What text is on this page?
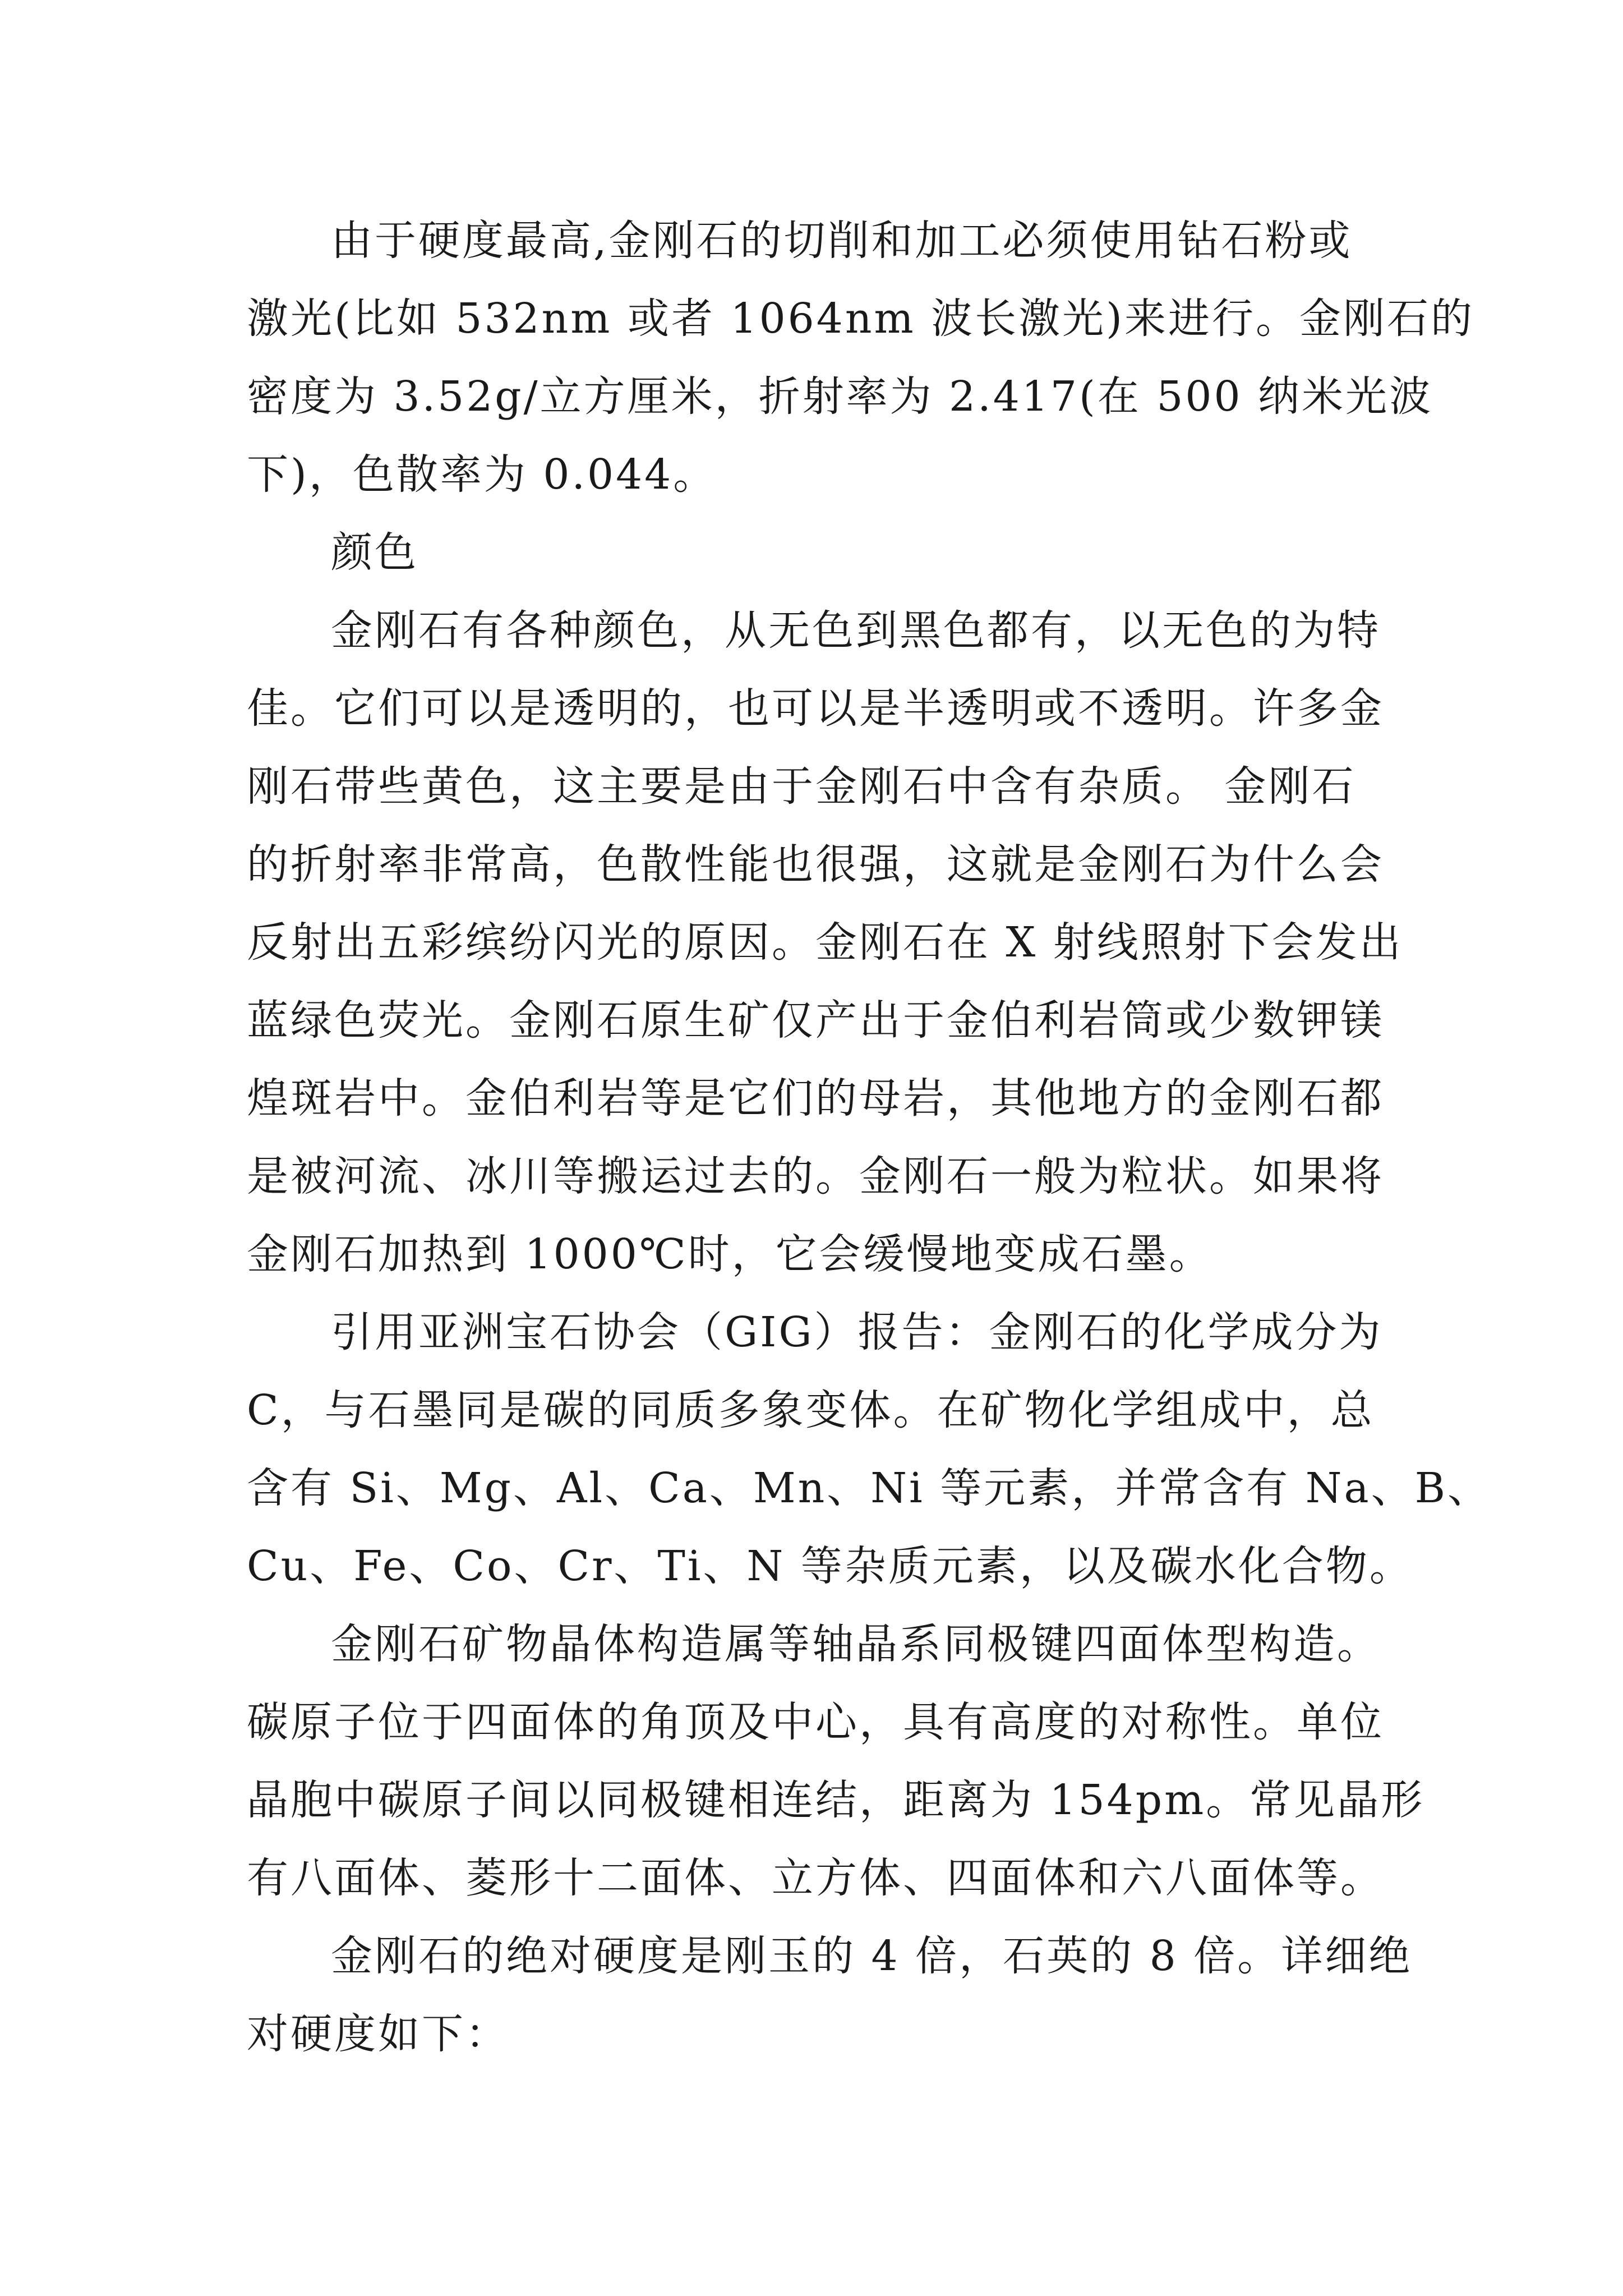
由于硬度最高,金刚石的切削和加工必须使用钻石粉或
激光(比如 532nm 或者 1064nm 波长激光)来进行。金刚石的
密度为 3.52g/立方厘米，折射率为 2.417(在 500 纳米光波
下)，色散率为 0.044。
颜色
金刚石有各种颜色，从无色到黑色都有，以无色的为特
佳。它们可以是透明的，也可以是半透明或不透明。许多金
刚石带些黄色，这主要是由于金刚石中含有杂质。 金刚石
的折射率非常高，色散性能也很强，这就是金刚石为什么会
反射出五彩缤纷闪光的原因。金刚石在 X 射线照射下会发出
蓝绿色荧光。金刚石原生矿仅产出于金伯利岩筒或少数钾镁
煌斑岩中。金伯利岩等是它们的母岩，其他地方的金刚石都
是被河流、冰川等搬运过去的。金刚石一般为粒状。如果将
金刚石加热到 1000℃时，它会缓慢地变成石墨。
引用亚洲宝石协会（GIG）报告：金刚石的化学成分为
C，与石墨同是碳的同质多象变体。在矿物化学组成中，总
含有 Si、Mg、Al、Ca、Mn、Ni 等元素，并常含有 Na、B、
Cu、Fe、Co、Cr、Ti、N 等杂质元素，以及碳水化合物。
金刚石矿物晶体构造属等轴晶系同极键四面体型构造。
碳原子位于四面体的角顶及中心，具有高度的对称性。单位
晶胞中碳原子间以同极键相连结，距离为 154pm。常见晶形
有八面体、菱形十二面体、立方体、四面体和六八面体等。
金刚石的绝对硬度是刚玉的 4 倍，石英的 8 倍。详细绝
对硬度如下：
